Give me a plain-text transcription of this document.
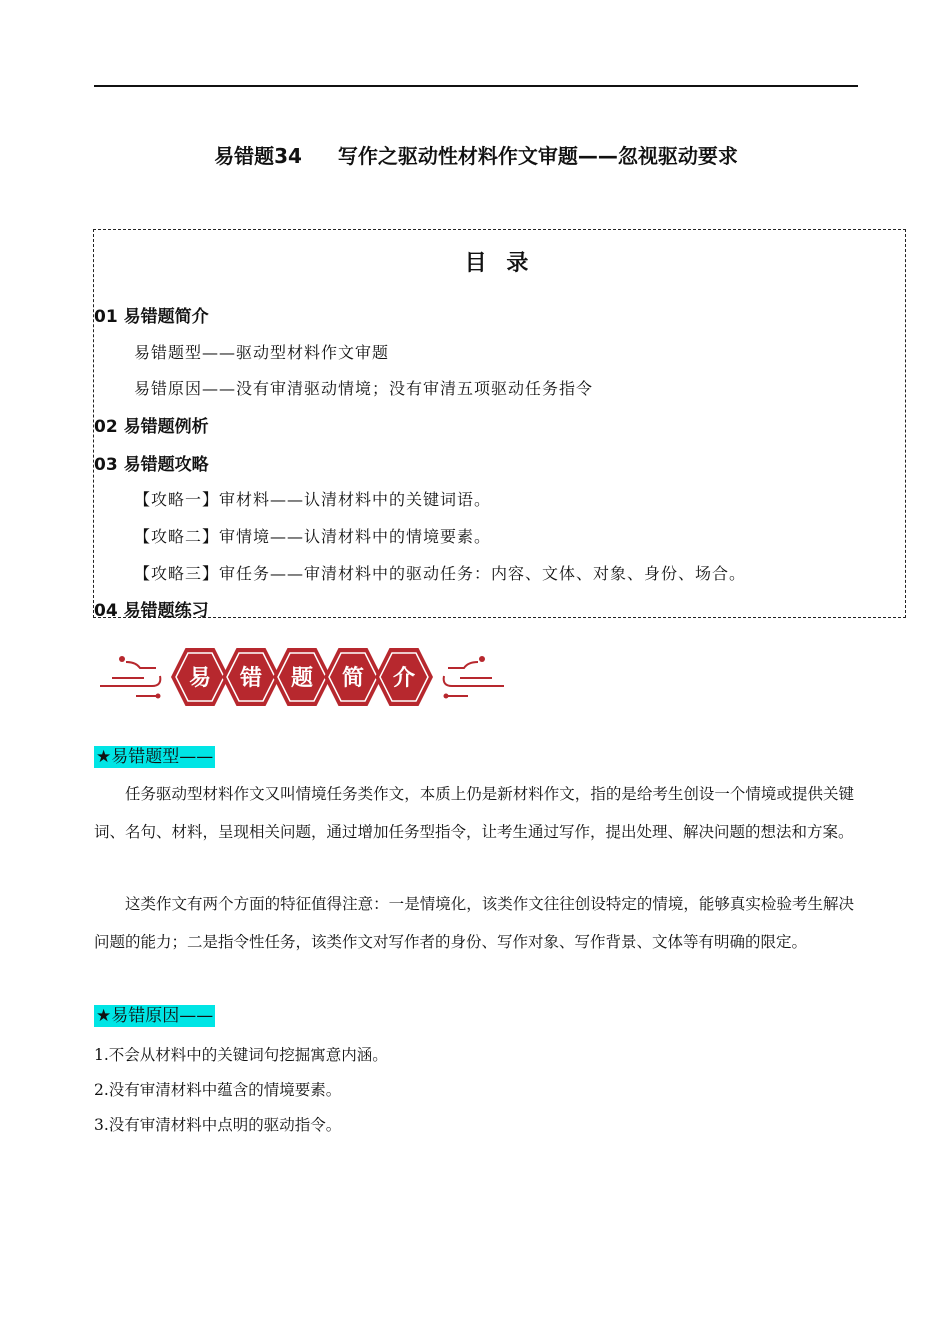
易错题34 写作之驱动性材料作文审题——忽视驱动要求
目 录
01 易错题简介
易错题型——驱动型材料作文审题
易错原因——没有审清驱动情境；没有审清五项驱动任务指令
02 易错题例析
03 易错题攻略
【攻略一】审材料——认清材料中的关键词语。
【攻略二】审情境——认清材料中的情境要素。
【攻略三】审任务——审清材料中的驱动任务：内容、文体、对象、身份、场合。
04 易错题练习
易 错 题 简 介
★易错题型——

任务驱动型材料作文又叫情境任务类作文，本质上仍是新材料作文，指的是给考生创设一个情境或提供关键词、名句、材料，呈现相关问题，通过增加任务型指令，让考生通过写作，提出处理、解决问题的想法和方案。

这类作文有两个方面的特征值得注意：一是情境化，该类作文往往创设特定的情境，能够真实检验考生解决问题的能力；二是指令性任务，该类作文对写作者的身份、写作对象、写作背景、文体等有明确的限定。

★易错原因——
1.不会从材料中的关键词句挖掘寓意内涵。
2.没有审清材料中蕴含的情境要素。
3.没有审清材料中点明的驱动指令。
